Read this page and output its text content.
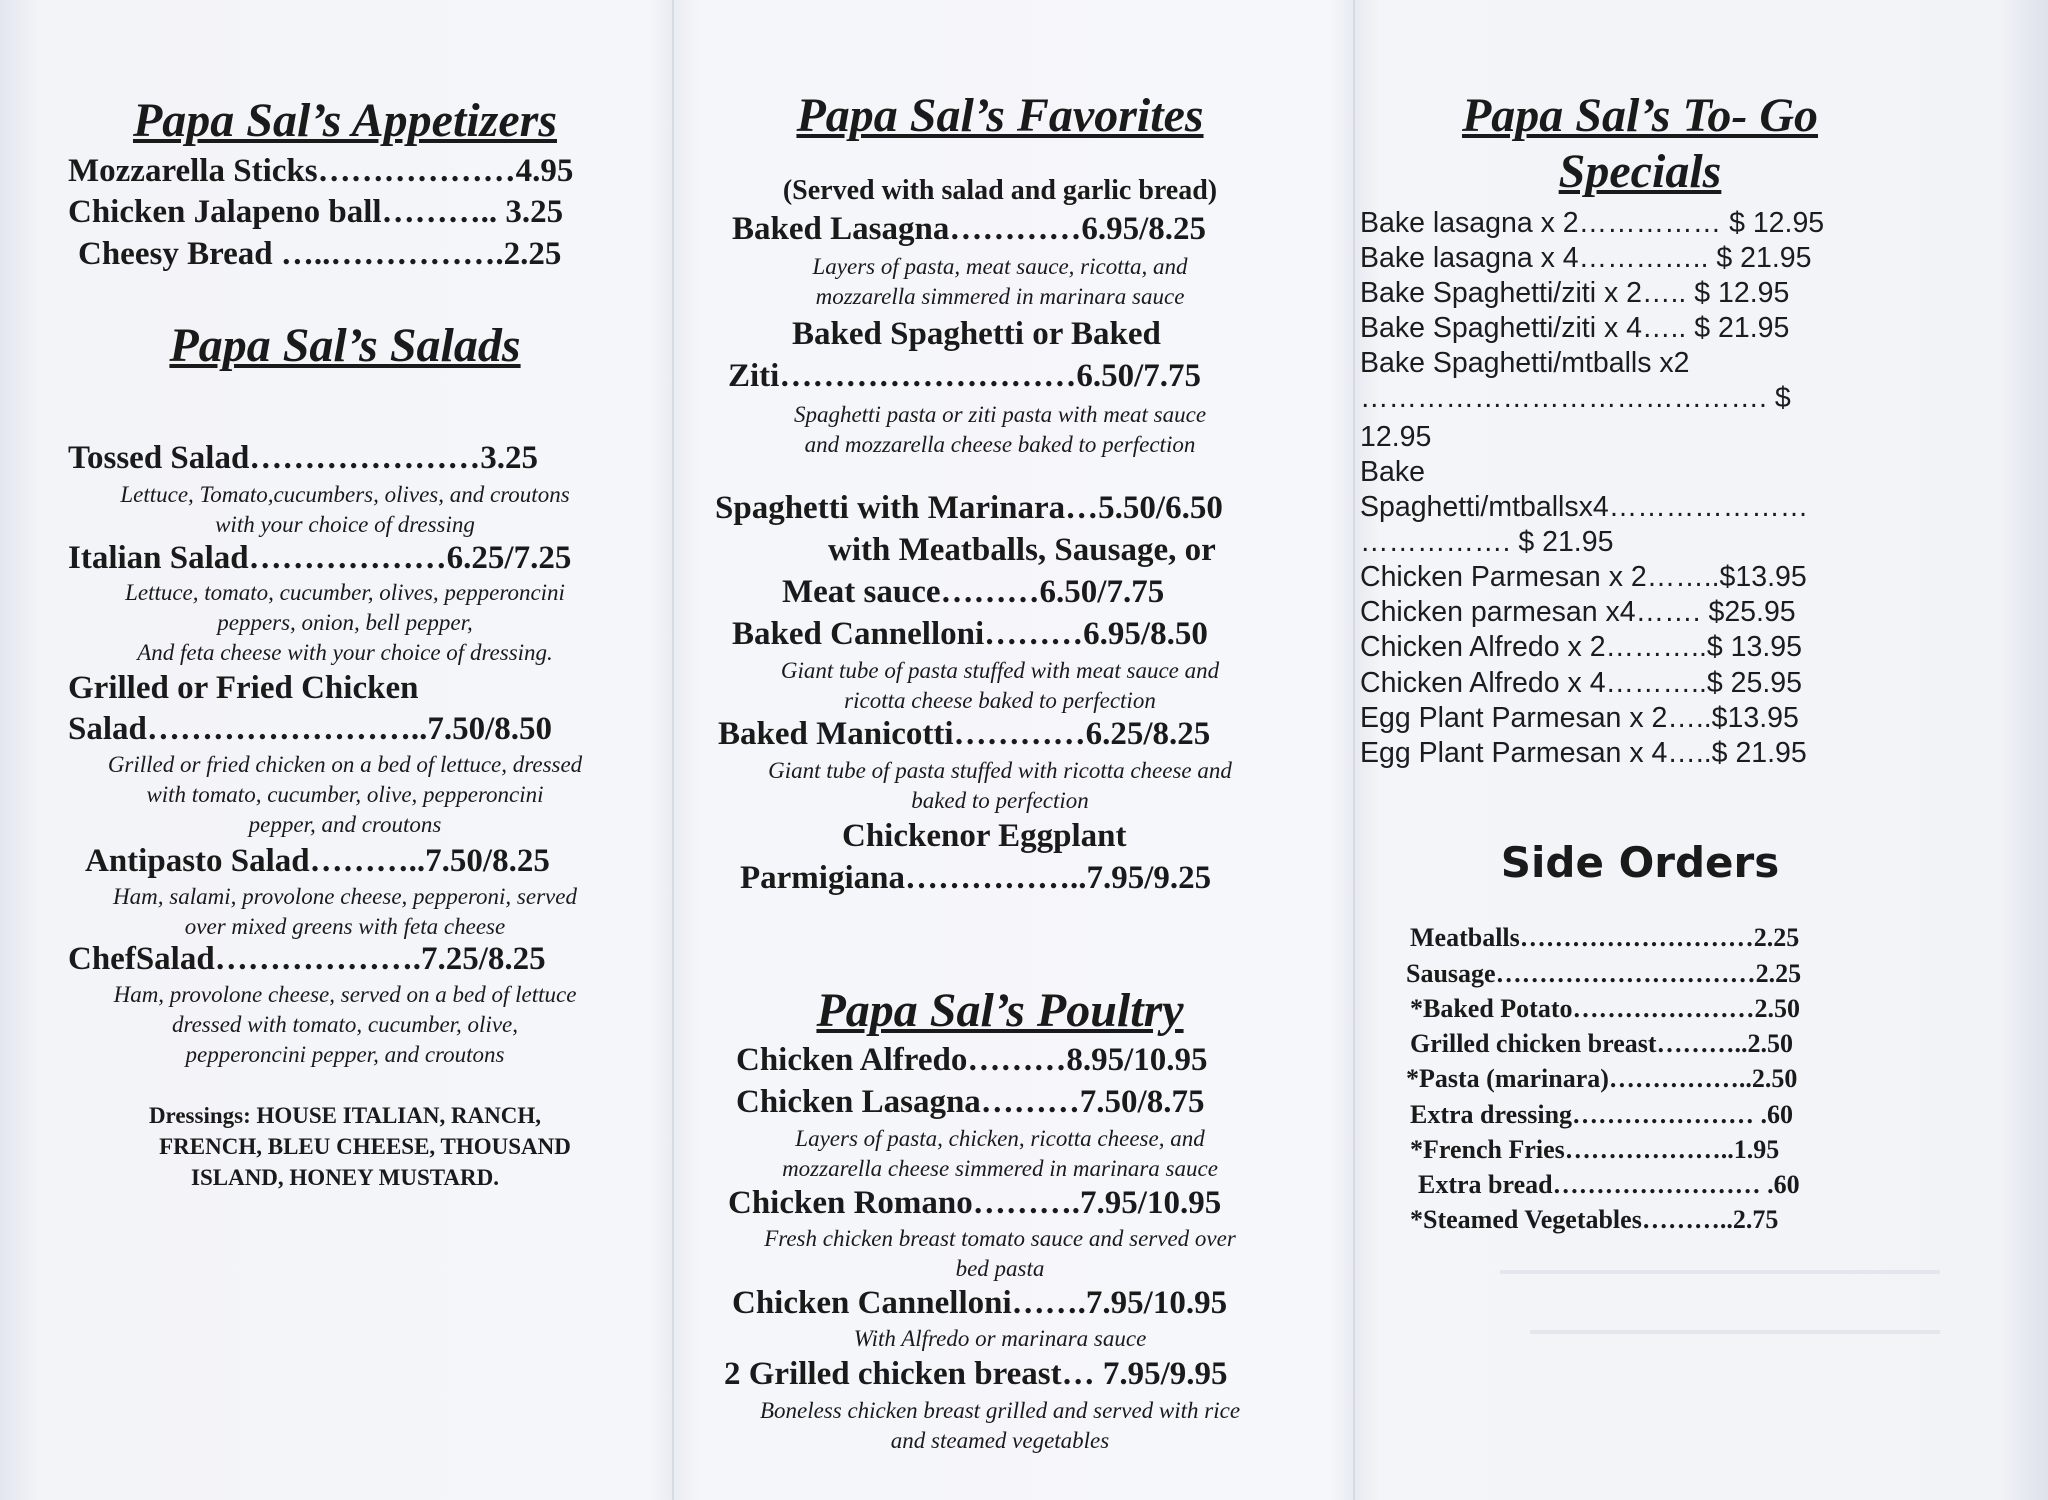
Papa Sal’s Appetizers
Mozzarella Sticks………………4.95
Chicken Jalapeno ball……….. 3.25
Cheesy Bread …..…………….2.25
Papa Sal’s Salads
Tossed Salad…………………3.25
Lettuce, Tomato,cucumbers, olives, and croutons
with your choice of dressing
Italian Salad………………6.25/7.25
Lettuce, tomato, cucumber, olives, pepperoncini
peppers, onion, bell pepper,
And feta cheese with your choice of dressing.
Grilled or Fried Chicken
Salad……………………..7.50/8.50
Grilled or fried chicken on a bed of lettuce, dressed
with tomato, cucumber, olive, pepperoncini
pepper, and croutons
Antipasto Salad………..7.50/8.25
Ham, salami, provolone cheese, pepperoni, served
over mixed greens with feta cheese
ChefSalad……………….7.25/8.25
Ham, provolone cheese, served on a bed of lettuce
dressed with tomato, cucumber, olive,
pepperoncini pepper, and croutons
Dressings: HOUSE ITALIAN, RANCH,
FRENCH, BLEU CHEESE, THOUSAND
ISLAND, HONEY MUSTARD.
Papa Sal’s Favorites
(Served with salad and garlic bread)
Baked Lasagna…………6.95/8.25
Layers of pasta, meat sauce, ricotta, and
mozzarella simmered in marinara sauce
Baked Spaghetti or Baked
Ziti………………………6.50/7.75
Spaghetti pasta or ziti pasta with meat sauce
and mozzarella cheese baked to perfection
Spaghetti with Marinara…5.50/6.50
with Meatballs, Sausage, or
Meat sauce………6.50/7.75
Baked Cannelloni………6.95/8.50
Giant tube of pasta stuffed with meat sauce and
ricotta cheese baked to perfection
Baked Manicotti…………6.25/8.25
Giant tube of pasta stuffed with ricotta cheese and
baked to perfection
Chickenor Eggplant
Parmigiana……………..7.95/9.25
Papa Sal’s Poultry
Chicken Alfredo………8.95/10.95
Chicken Lasagna………7.50/8.75
Layers of pasta, chicken, ricotta cheese, and
mozzarella cheese simmered in marinara sauce
Chicken Romano……….7.95/10.95
Fresh chicken breast tomato sauce and served over
bed pasta
Chicken Cannelloni…….7.95/10.95
With Alfredo or marinara sauce
2 Grilled chicken breast… 7.95/9.95
Boneless chicken breast grilled and served with rice
and steamed vegetables
Papa Sal’s To- Go
Specials
Bake lasagna x 2…………… $ 12.95
Bake lasagna x 4………….. $ 21.95
Bake Spaghetti/ziti x 2….. $ 12.95
Bake Spaghetti/ziti x 4….. $ 21.95
Bake Spaghetti/mtballs x2
……………………………………. $
12.95
Bake
Spaghetti/mtballsx4…………………
……………. $ 21.95
Chicken Parmesan x 2……..$13.95
Chicken parmesan x4……. $25.95
Chicken Alfredo x 2………..$ 13.95
Chicken Alfredo x 4………..$ 25.95
Egg Plant Parmesan x 2…..$13.95
Egg Plant Parmesan x 4…..$ 21.95
Side Orders
Meatballs………………………2.25
Sausage…………………………2.25
*Baked Potato…………………2.50
Grilled chicken breast………..2.50
*Pasta (marinara)……………..2.50
Extra dressing………………… .60
*French Fries………………..1.95
Extra bread…………………… .60
*Steamed Vegetables………..2.75
